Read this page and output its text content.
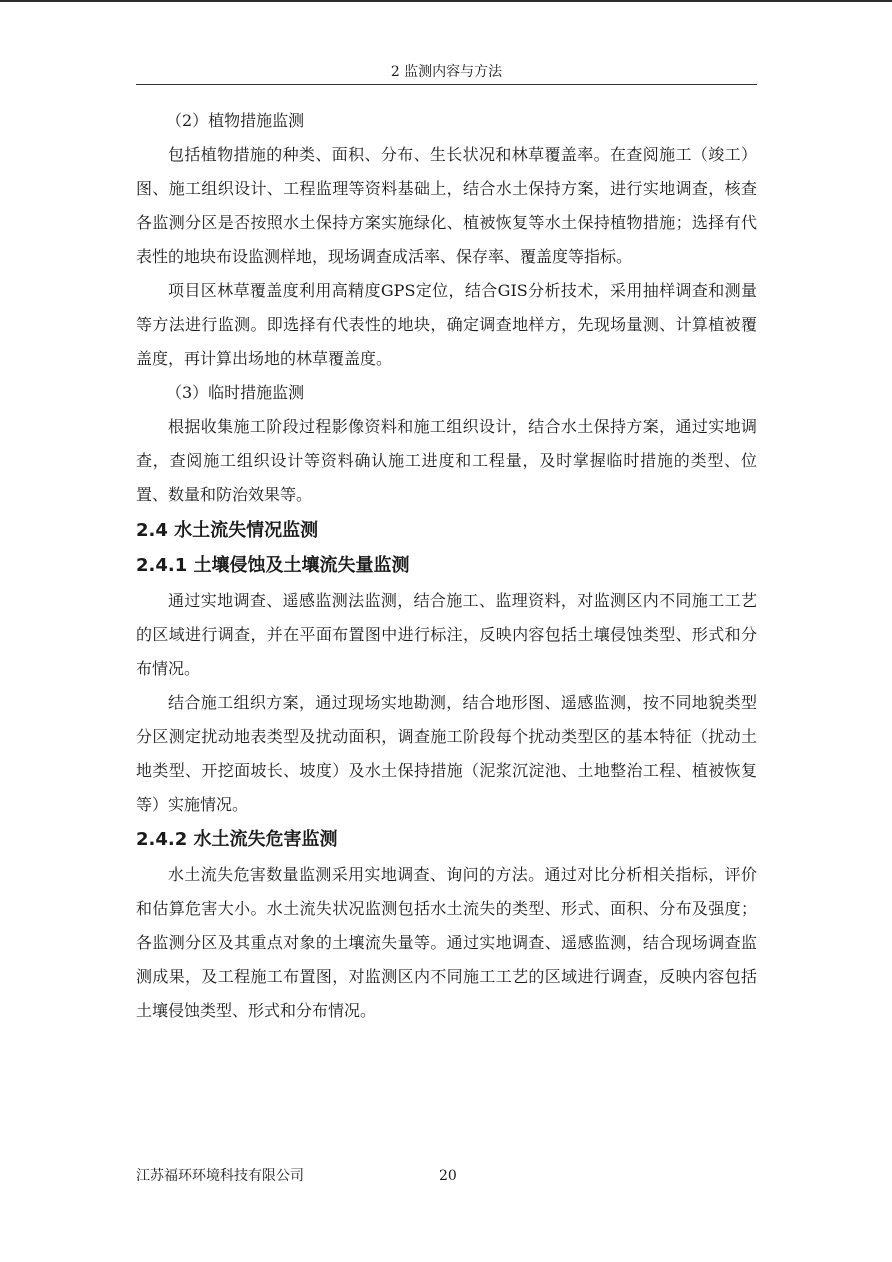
2 监测内容与方法

（2）植物措施监测

包括植物措施的种类、面积、分布、生长状况和林草覆盖率。在查阅施工（竣工）图、施工组织设计、工程监理等资料基础上，结合水土保持方案，进行实地调查，核查各监测分区是否按照水土保持方案实施绿化、植被恢复等水土保持植物措施；选择有代表性的地块布设监测样地，现场调查成活率、保存率、覆盖度等指标。

项目区林草覆盖度利用高精度GPS定位，结合GIS分析技术，采用抽样调查和测量等方法进行监测。即选择有代表性的地块，确定调查地样方，先现场量测、计算植被覆盖度，再计算出场地的林草覆盖度。

（3）临时措施监测

根据收集施工阶段过程影像资料和施工组织设计，结合水土保持方案，通过实地调查，查阅施工组织设计等资料确认施工进度和工程量，及时掌握临时措施的类型、位置、数量和防治效果等。

2.4 水土流失情况监测
2.4.1 土壤侵蚀及土壤流失量监测

通过实地调查、遥感监测法监测，结合施工、监理资料，对监测区内不同施工工艺的区域进行调查，并在平面布置图中进行标注，反映内容包括土壤侵蚀类型、形式和分布情况。

结合施工组织方案，通过现场实地勘测，结合地形图、遥感监测，按不同地貌类型分区测定扰动地表类型及扰动面积，调查施工阶段每个扰动类型区的基本特征（扰动土地类型、开挖面坡长、坡度）及水土保持措施（泥浆沉淀池、土地整治工程、植被恢复等）实施情况。

2.4.2 水土流失危害监测

水土流失危害数量监测采用实地调查、询问的方法。通过对比分析相关指标，评价和估算危害大小。水土流失状况监测包括水土流失的类型、形式、面积、分布及强度；各监测分区及其重点对象的土壤流失量等。通过实地调查、遥感监测，结合现场调查监测成果，及工程施工布置图，对监测区内不同施工工艺的区域进行调查，反映内容包括土壤侵蚀类型、形式和分布情况。

江苏福环环境科技有限公司	20
